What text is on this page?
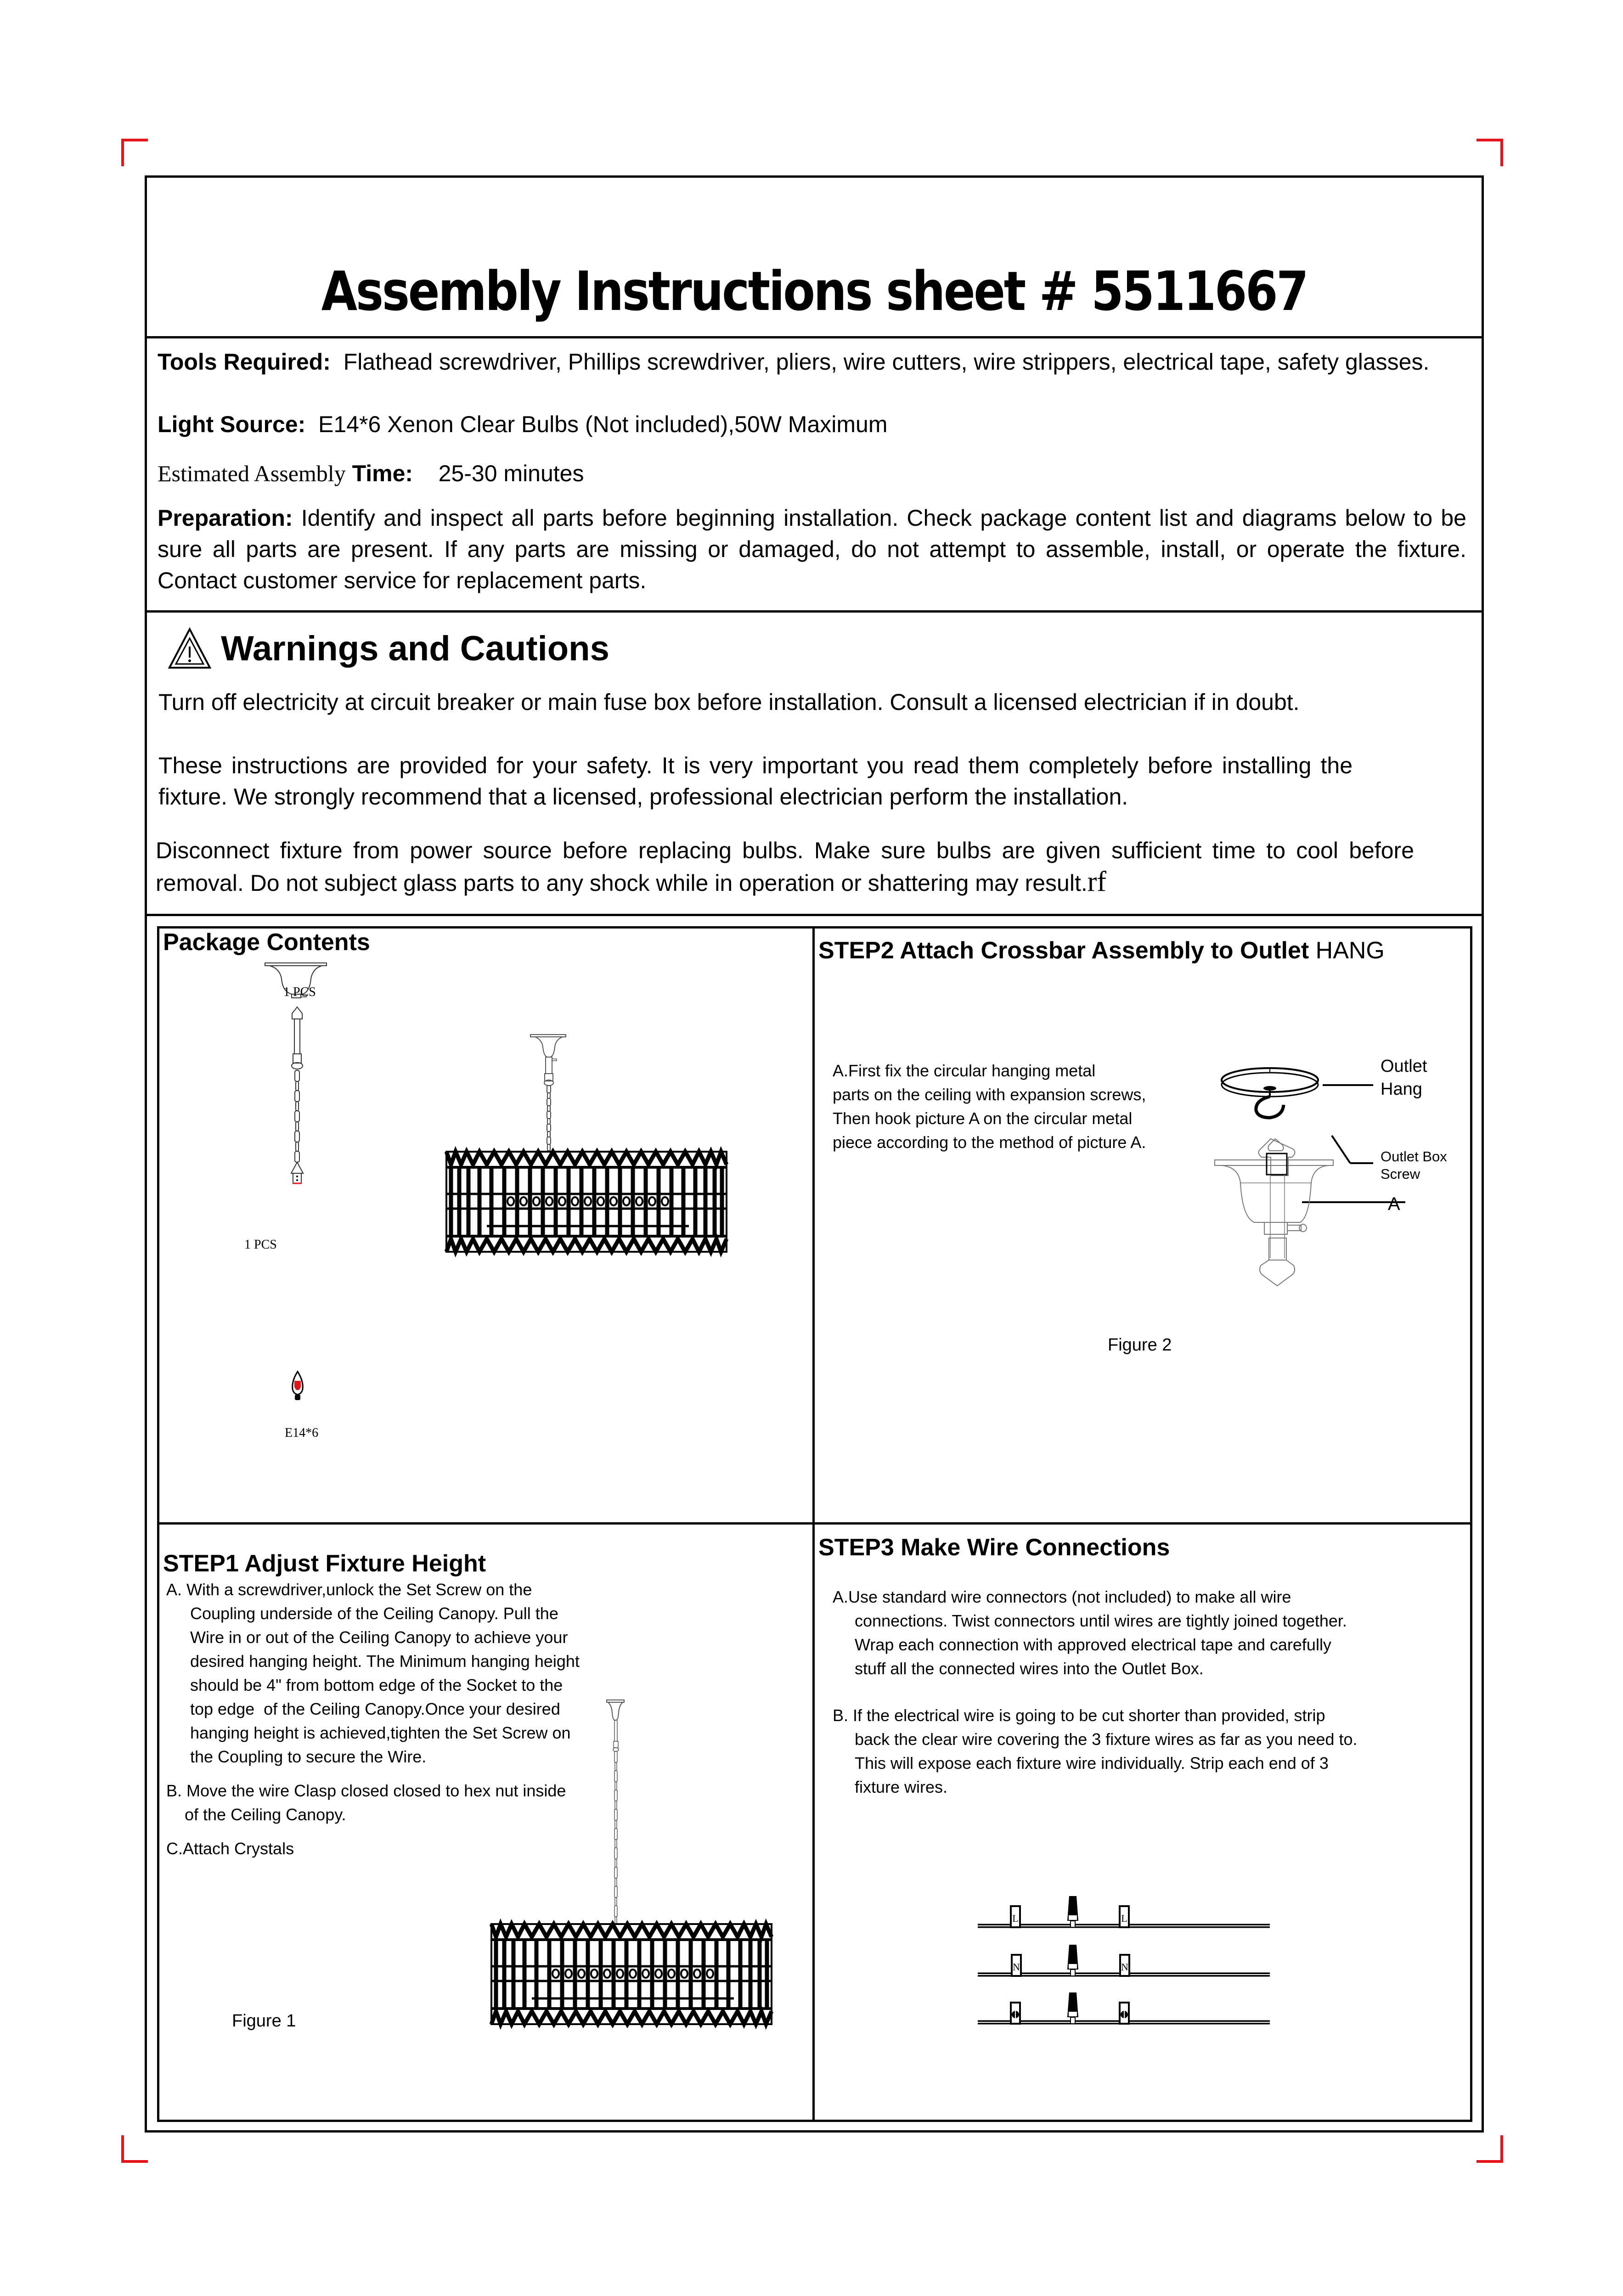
Assembly Instructions sheet # 5511667
Tools Required: Flathead screwdriver, Phillips screwdriver, pliers, wire cutters, wire strippers, electrical tape, safety glasses.
Light Source: E14*6 Xenon Clear Bulbs (Not included),50W Maximum
Estimated Assembly Time: 25-30 minutes
Preparation: Identify and inspect all parts before beginning installation. Check package content list and diagrams below to be sure all parts are present. If any parts are missing or damaged, do not attempt to assemble, install, or operate the fixture. Contact customer service for replacement parts.
Warnings and Cautions
Turn off electricity at circuit breaker or main fuse box before installation. Consult a licensed electrician if in doubt.
These instructions are provided for your safety. It is very important you read them completely before installing the fixture. We strongly recommend that a licensed, professional electrician perform the installation.
Disconnect fixture from power source before replacing bulbs. Make sure bulbs are given sufficient time to cool before removal. Do not subject glass parts to any shock while in operation or shattering may result.rf
Package Contents
1 PCS
1 PCS
E14*6
STEP2 Attach Crossbar Assembly to Outlet HANG
A.First fix the circular hanging metal
parts on the ceiling with expansion screws,
Then hook picture A on the circular metal
piece according to the method of picture A.
Outlet
Hang
Outlet Box
Screw
A
Figure 2
STEP1 Adjust Fixture Height
A. With a screwdriver,unlock the Set Screw on the
Coupling underside of the Ceiling Canopy. Pull the
Wire in or out of the Ceiling Canopy to achieve your
desired hanging height. The Minimum hanging height
should be 4" from bottom edge of the Socket to the
top edge  of the Ceiling Canopy.Once your desired
hanging height is achieved,tighten the Set Screw on
the Coupling to secure the Wire.
B. Move the wire Clasp closed closed to hex nut inside
of the Ceiling Canopy.
C.Attach Crystals
Figure 1
STEP3 Make Wire Connections
A.Use standard wire connectors (not included) to make all wire
connections. Twist connectors until wires are tightly joined together.
Wrap each connection with approved electrical tape and carefully
stuff all the connected wires into the Outlet Box.
B. If the electrical wire is going to be cut shorter than provided, strip
back the clear wire covering the 3 fixture wires as far as you need to.
This will expose each fixture wire individually. Strip each end of 3
fixture wires.
L	L
N	N
